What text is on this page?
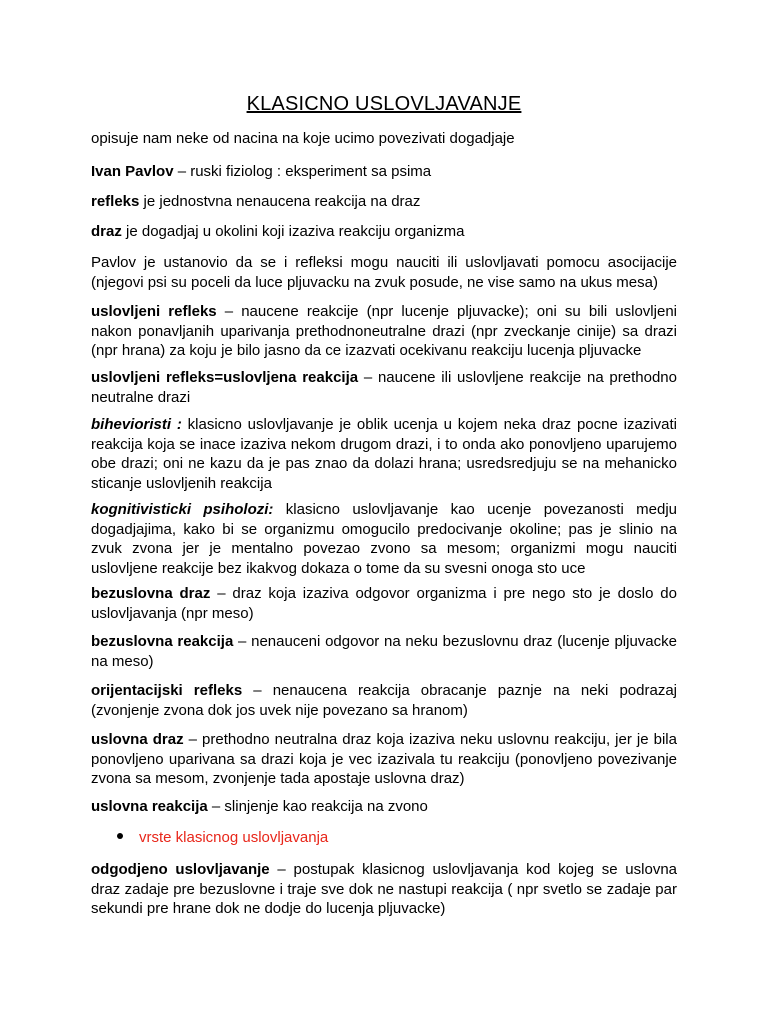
KLASICNO USLOVLJAVANJE
opisuje nam neke od nacina na koje ucimo povezivati dogadjaje
Ivan Pavlov – ruski fiziolog : eksperiment sa psima
refleks je jednostvna nenaucena reakcija na draz
draz je dogadjaj u okolini koji izaziva reakciju organizma
Pavlov je ustanovio da se i refleksi mogu nauciti ili uslovljavati pomocu asocijacije (njegovi psi su poceli da luce pljuvacku na zvuk posude, ne vise samo na ukus mesa)
uslovljeni refleks – naucene reakcije (npr lucenje pljuvacke); oni su bili uslovljeni nakon ponavljanih uparivanja prethodnoneutralne drazi (npr zveckanje cinije) sa drazi (npr hrana) za koju je bilo jasno da ce izazvati ocekivanu reakciju lucenja pljuvacke
uslovljeni refleks=uslovljena reakcija – naucene ili uslovljene reakcije na prethodno neutralne drazi
bihevioristi : klasicno uslovljavanje je oblik ucenja u kojem neka draz pocne izazivati reakcija koja se inace izaziva nekom drugom drazi, i to onda ako ponovljeno uparujemo obe drazi; oni ne kazu da je pas znao da dolazi hrana; usredsredjuju se na mehanicko sticanje uslovljenih reakcija
kognitivisticki psiholozi: klasicno uslovljavanje kao ucenje povezanosti medju dogadjajima, kako bi se organizmu omogucilo predocivanje okoline; pas je slinio na zvuk zvona jer je mentalno povezao zvono sa mesom; organizmi mogu nauciti uslovljene reakcije bez ikakvog dokaza o tome da su svesni onoga sto uce
bezuslovna draz – draz koja izaziva odgovor organizma i pre nego sto je doslo do uslovljavanja (npr meso)
bezuslovna reakcija – nenauceni odgovor na neku bezuslovnu draz (lucenje pljuvacke na meso)
orijentacijski refleks – nenaucena reakcija obracanje paznje na neki podrazaj (zvonjenje zvona dok jos uvek nije povezano sa hranom)
uslovna draz – prethodno neutralna draz koja izaziva neku uslovnu reakciju, jer je bila ponovljeno uparivana sa drazi koja je vec izazivala tu reakciju (ponovljeno povezivanje zvona sa mesom, zvonjenje tada apostaje uslovna draz)
uslovna reakcija – slinjenje kao reakcija na zvono
vrste klasicnog uslovljavanja
odgodjeno uslovljavanje – postupak klasicnog uslovljavanja kod kojeg se uslovna draz zadaje pre bezuslovne i traje sve dok ne nastupi reakcija ( npr svetlo se zadaje par sekundi pre hrane dok ne dodje do lucenja pljuvacke)
